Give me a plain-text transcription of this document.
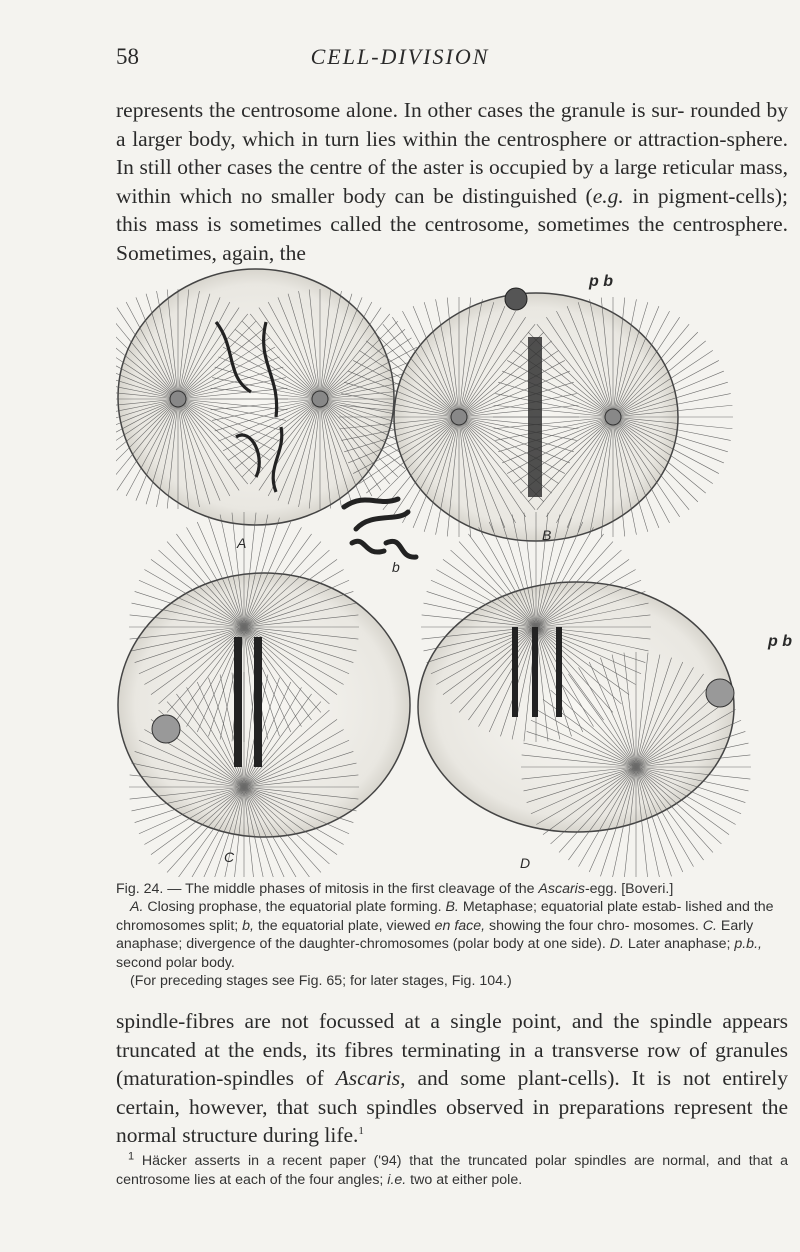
58	CELL-DIVISION

represents the centrosome alone. In other cases the granule is sur- rounded by a larger body, which in turn lies within the centrosphere or attraction-sphere. In still other cases the centre of the aster is occupied by a large reticular mass, within which no smaller body can be distinguished (e.g. in pigment-cells); this mass is sometimes called the centrosome, sometimes the centrosphere. Sometimes, again, the

A	B
b
C	D
p b
p b
Fig. 24. — The middle phases of mitosis in the first cleavage of the Ascaris-egg. [Boveri.]
A. Closing prophase, the equatorial plate forming. B. Metaphase; equatorial plate estab- lished and the chromosomes split; b, the equatorial plate, viewed en face, showing the four chro- mosomes. C. Early anaphase; divergence of the daughter-chromosomes (polar body at one side). D. Later anaphase; p.b., second polar body.
(For preceding stages see Fig. 65; for later stages, Fig. 104.)

spindle-fibres are not focussed at a single point, and the spindle appears truncated at the ends, its fibres terminating in a transverse row of granules (maturation-spindles of Ascaris, and some plant-cells). It is not entirely certain, however, that such spindles observed in preparations represent the normal structure during life.$^1$

$^1$ Häcker asserts in a recent paper ('94) that the truncated polar spindles are normal, and that a centrosome lies at each of the four angles; i.e. two at either pole.
